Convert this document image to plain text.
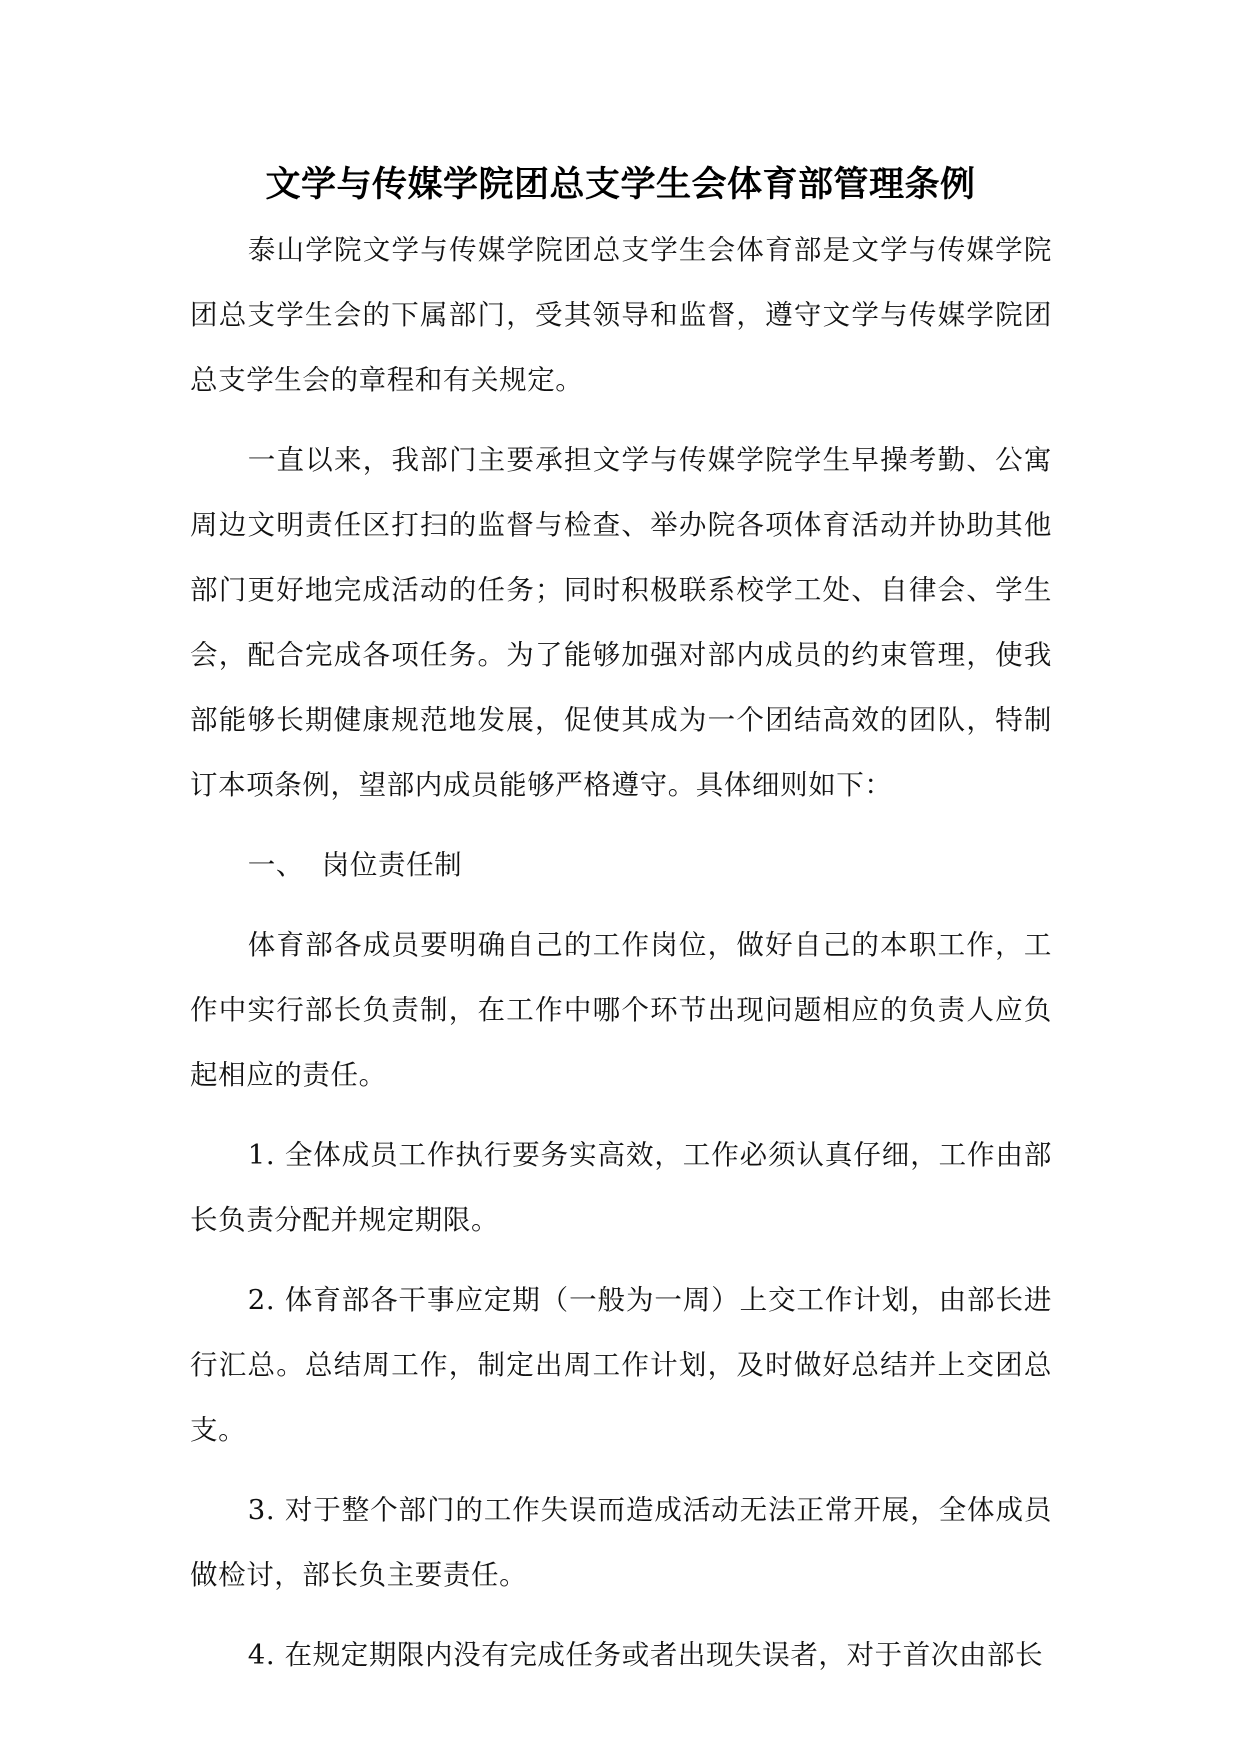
文学与传媒学院团总支学生会体育部管理条例

泰山学院文学与传媒学院团总支学生会体育部是文学与传媒学院团总支学生会的下属部门，受其领导和监督，遵守文学与传媒学院团总支学生会的章程和有关规定。

一直以来，我部门主要承担文学与传媒学院学生早操考勤、公寓周边文明责任区打扫的监督与检查、举办院各项体育活动并协助其他部门更好地完成活动的任务；同时积极联系校学工处、自律会、学生会，配合完成各项任务。为了能够加强对部内成员的约束管理，使我部能够长期健康规范地发展，促使其成为一个团结高效的团队，特制订本项条例，望部内成员能够严格遵守。具体细则如下：

一、 岗位责任制

体育部各成员要明确自己的工作岗位，做好自己的本职工作，工作中实行部长负责制，在工作中哪个环节出现问题相应的负责人应负起相应的责任。

1. 全体成员工作执行要务实高效，工作必须认真仔细，工作由部长负责分配并规定期限。

2. 体育部各干事应定期（一般为一周）上交工作计划，由部长进行汇总。总结周工作，制定出周工作计划，及时做好总结并上交团总支。

3. 对于整个部门的工作失误而造成活动无法正常开展，全体成员做检讨，部长负主要责任。

4. 在规定期限内没有完成任务或者出现失误者，对于首次由部长
